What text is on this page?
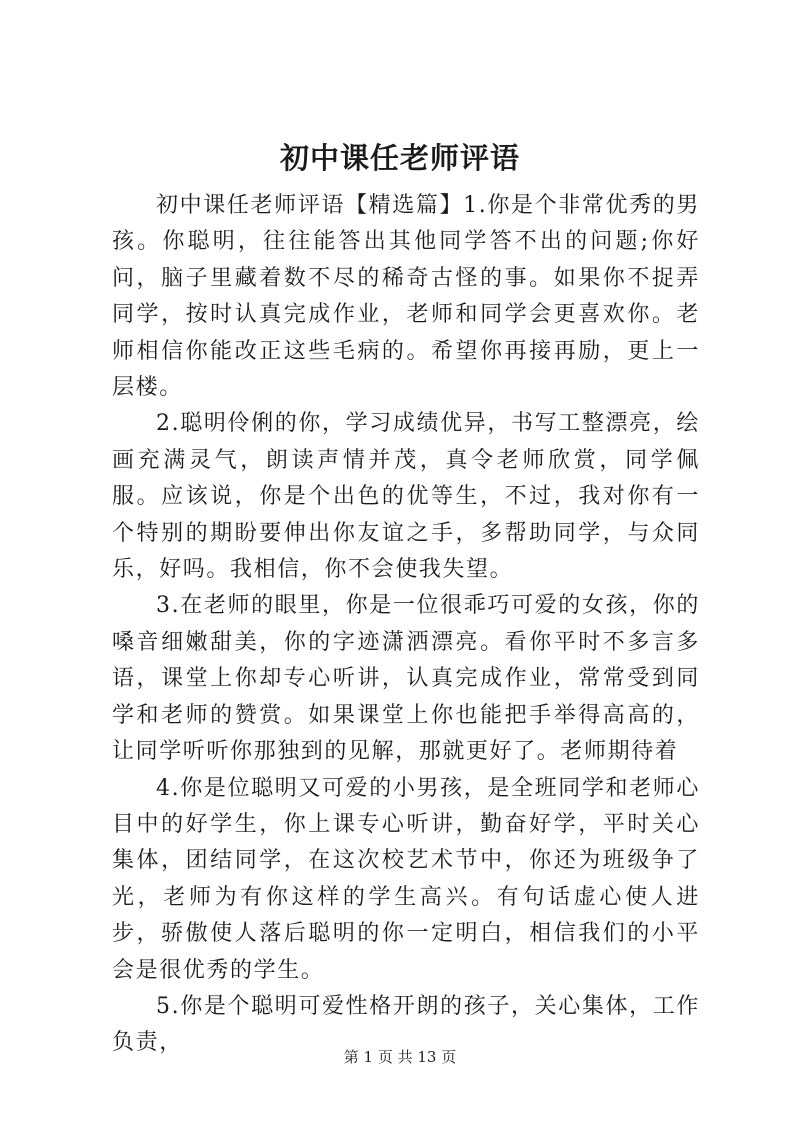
初中课任老师评语

初中课任老师评语【精选篇】1.你是个非常优秀的男孩。你聪明，往往能答出其他同学答不出的问题;你好问，脑子里藏着数不尽的稀奇古怪的事。如果你不捉弄同学，按时认真完成作业，老师和同学会更喜欢你。老师相信你能改正这些毛病的。希望你再接再励，更上一层楼。

2.聪明伶俐的你，学习成绩优异，书写工整漂亮，绘画充满灵气，朗读声情并茂，真令老师欣赏，同学佩服。应该说，你是个出色的优等生，不过，我对你有一个特别的期盼要伸出你友谊之手，多帮助同学，与众同乐，好吗。我相信，你不会使我失望。

3.在老师的眼里，你是一位很乖巧可爱的女孩，你的嗓音细嫩甜美，你的字迹潇洒漂亮。看你平时不多言多语，课堂上你却专心听讲，认真完成作业，常常受到同学和老师的赞赏。如果课堂上你也能把手举得高高的，让同学听听你那独到的见解，那就更好了。老师期待着

4.你是位聪明又可爱的小男孩，是全班同学和老师心目中的好学生，你上课专心听讲，勤奋好学，平时关心集体，团结同学，在这次校艺术节中，你还为班级争了光，老师为有你这样的学生高兴。有句话虚心使人进步，骄傲使人落后聪明的你一定明白，相信我们的小平会是很优秀的学生。

5.你是个聪明可爱性格开朗的孩子，关心集体，工作负责，

第 1 页 共 13 页
